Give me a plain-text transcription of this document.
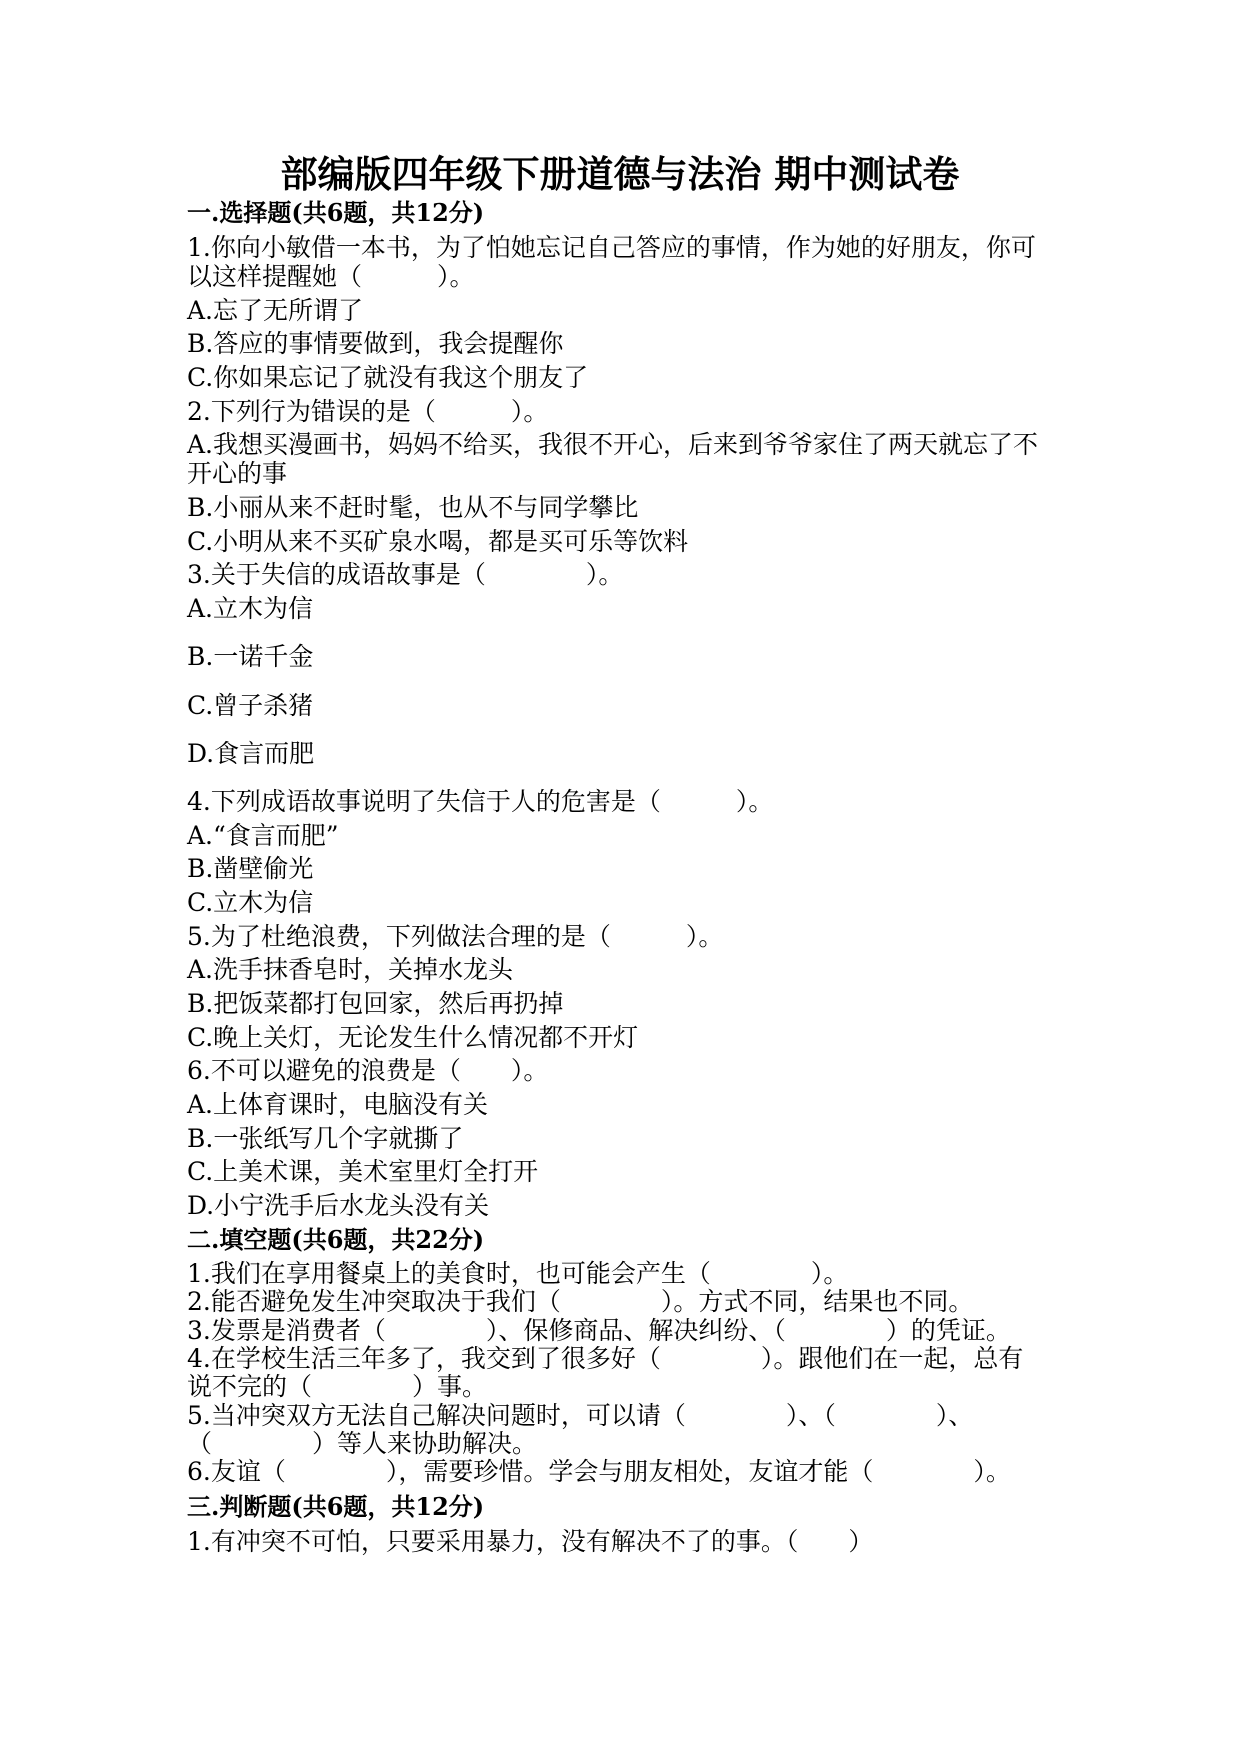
部编版四年级下册道德与法治 期中测试卷
一.选择题(共6题，共12分)
1.你向小敏借一本书，为了怕她忘记自己答应的事情，作为她的好朋友，你可
以这样提醒她（　　　）。
A.忘了无所谓了
B.答应的事情要做到，我会提醒你
C.你如果忘记了就没有我这个朋友了
2.下列行为错误的是（　　　）。
A.我想买漫画书，妈妈不给买，我很不开心，后来到爷爷家住了两天就忘了不
开心的事
B.小丽从来不赶时髦，也从不与同学攀比
C.小明从来不买矿泉水喝，都是买可乐等饮料
3.关于失信的成语故事是（　　　　）。
A.立木为信
B.一诺千金
C.曾子杀猪
D.食言而肥
4.下列成语故事说明了失信于人的危害是（　　　）。
A.“食言而肥”
B.凿壁偷光
C.立木为信
5.为了杜绝浪费，下列做法合理的是（　　　）。
A.洗手抹香皂时，关掉水龙头
B.把饭菜都打包回家，然后再扔掉
C.晚上关灯，无论发生什么情况都不开灯
6.不可以避免的浪费是（　　）。
A.上体育课时，电脑没有关
B.一张纸写几个字就撕了
C.上美术课，美术室里灯全打开
D.小宁洗手后水龙头没有关
二.填空题(共6题，共22分)
1.我们在享用餐桌上的美食时，也可能会产生（　　　　）。
2.能否避免发生冲突取决于我们（　　　　）。方式不同，结果也不同。
3.发票是消费者（　　　　）、保修商品、解决纠纷、（　　　　）的凭证。
4.在学校生活三年多了，我交到了很多好（　　　　）。跟他们在一起，总有
说不完的（　　　　）事。
5.当冲突双方无法自己解决问题时，可以请（　　　　）、（　　　　）、
（　　　　）等人来协助解决。
6.友谊（　　　　），需要珍惜。学会与朋友相处，友谊才能（　　　　）。
三.判断题(共6题，共12分)
1.有冲突不可怕，只要采用暴力，没有解决不了的事。（　　）
